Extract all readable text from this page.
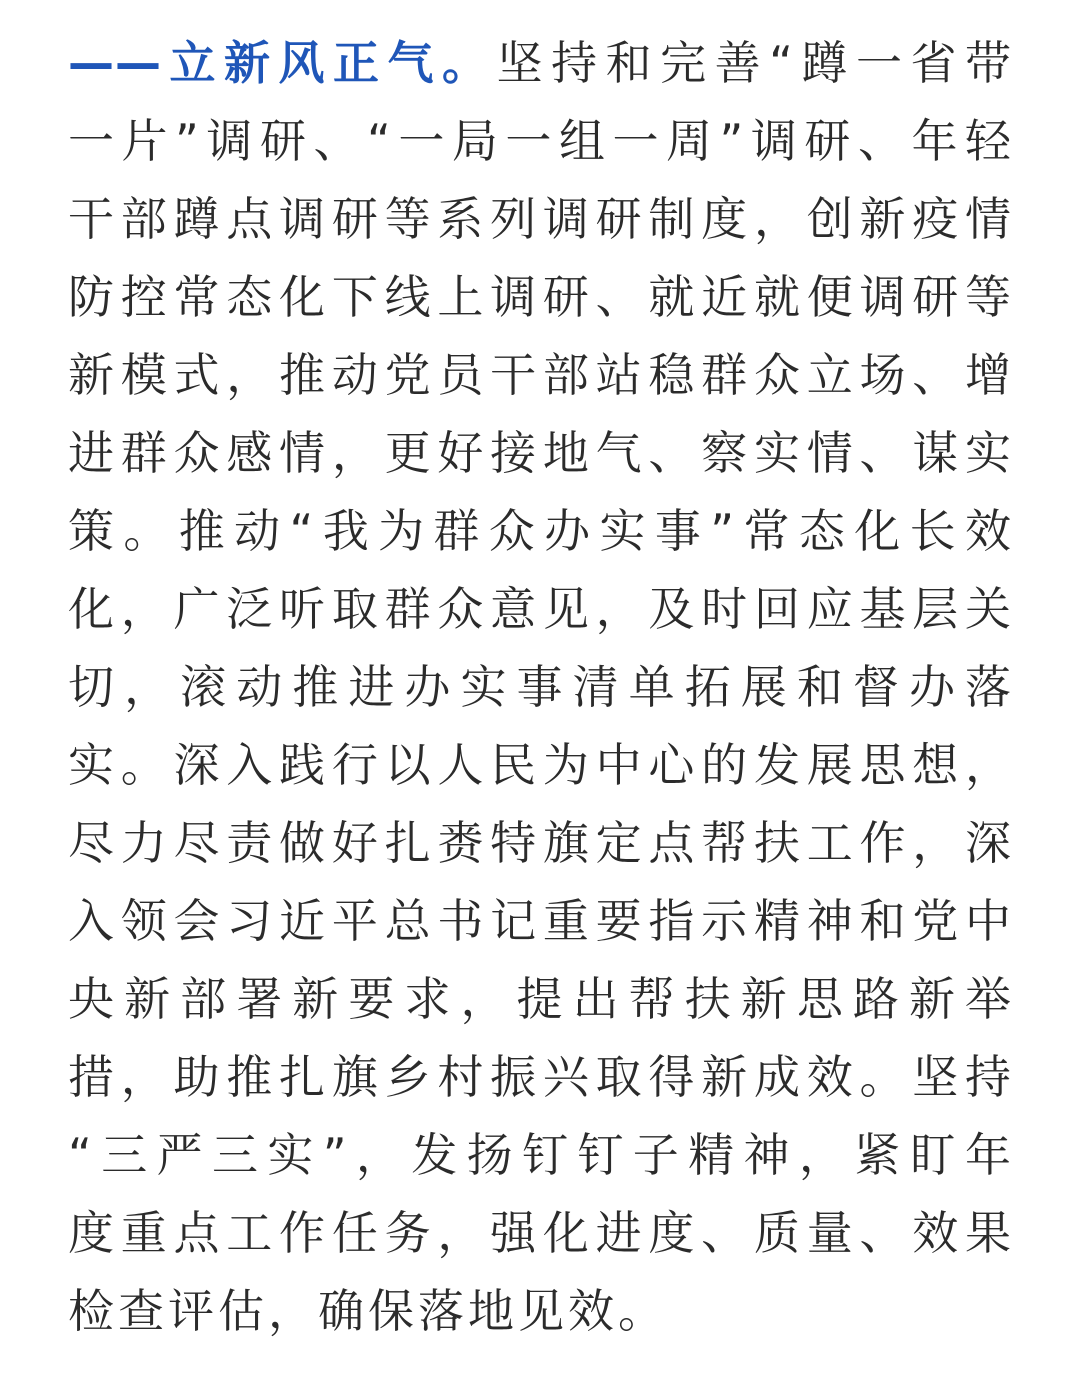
——立新风正气。坚持和完善“蹲一省带
一片”调研、“一局一组一周”调研、年轻
干部蹲点调研等系列调研制度，创新疫情
防控常态化下线上调研、就近就便调研等
新模式，推动党员干部站稳群众立场、增
进群众感情，更好接地气、察实情、谋实
策。推动“我为群众办实事”常态化长效
化，广泛听取群众意见，及时回应基层关
切，滚动推进办实事清单拓展和督办落
实。深入践行以人民为中心的发展思想，
尽力尽责做好扎赉特旗定点帮扶工作，深
入领会习近平总书记重要指示精神和党中
央新部署新要求，提出帮扶新思路新举
措，助推扎旗乡村振兴取得新成效。坚持
“三严三实”，发扬钉钉子精神，紧盯年
度重点工作任务，强化进度、质量、效果
检查评估，确保落地见效。
